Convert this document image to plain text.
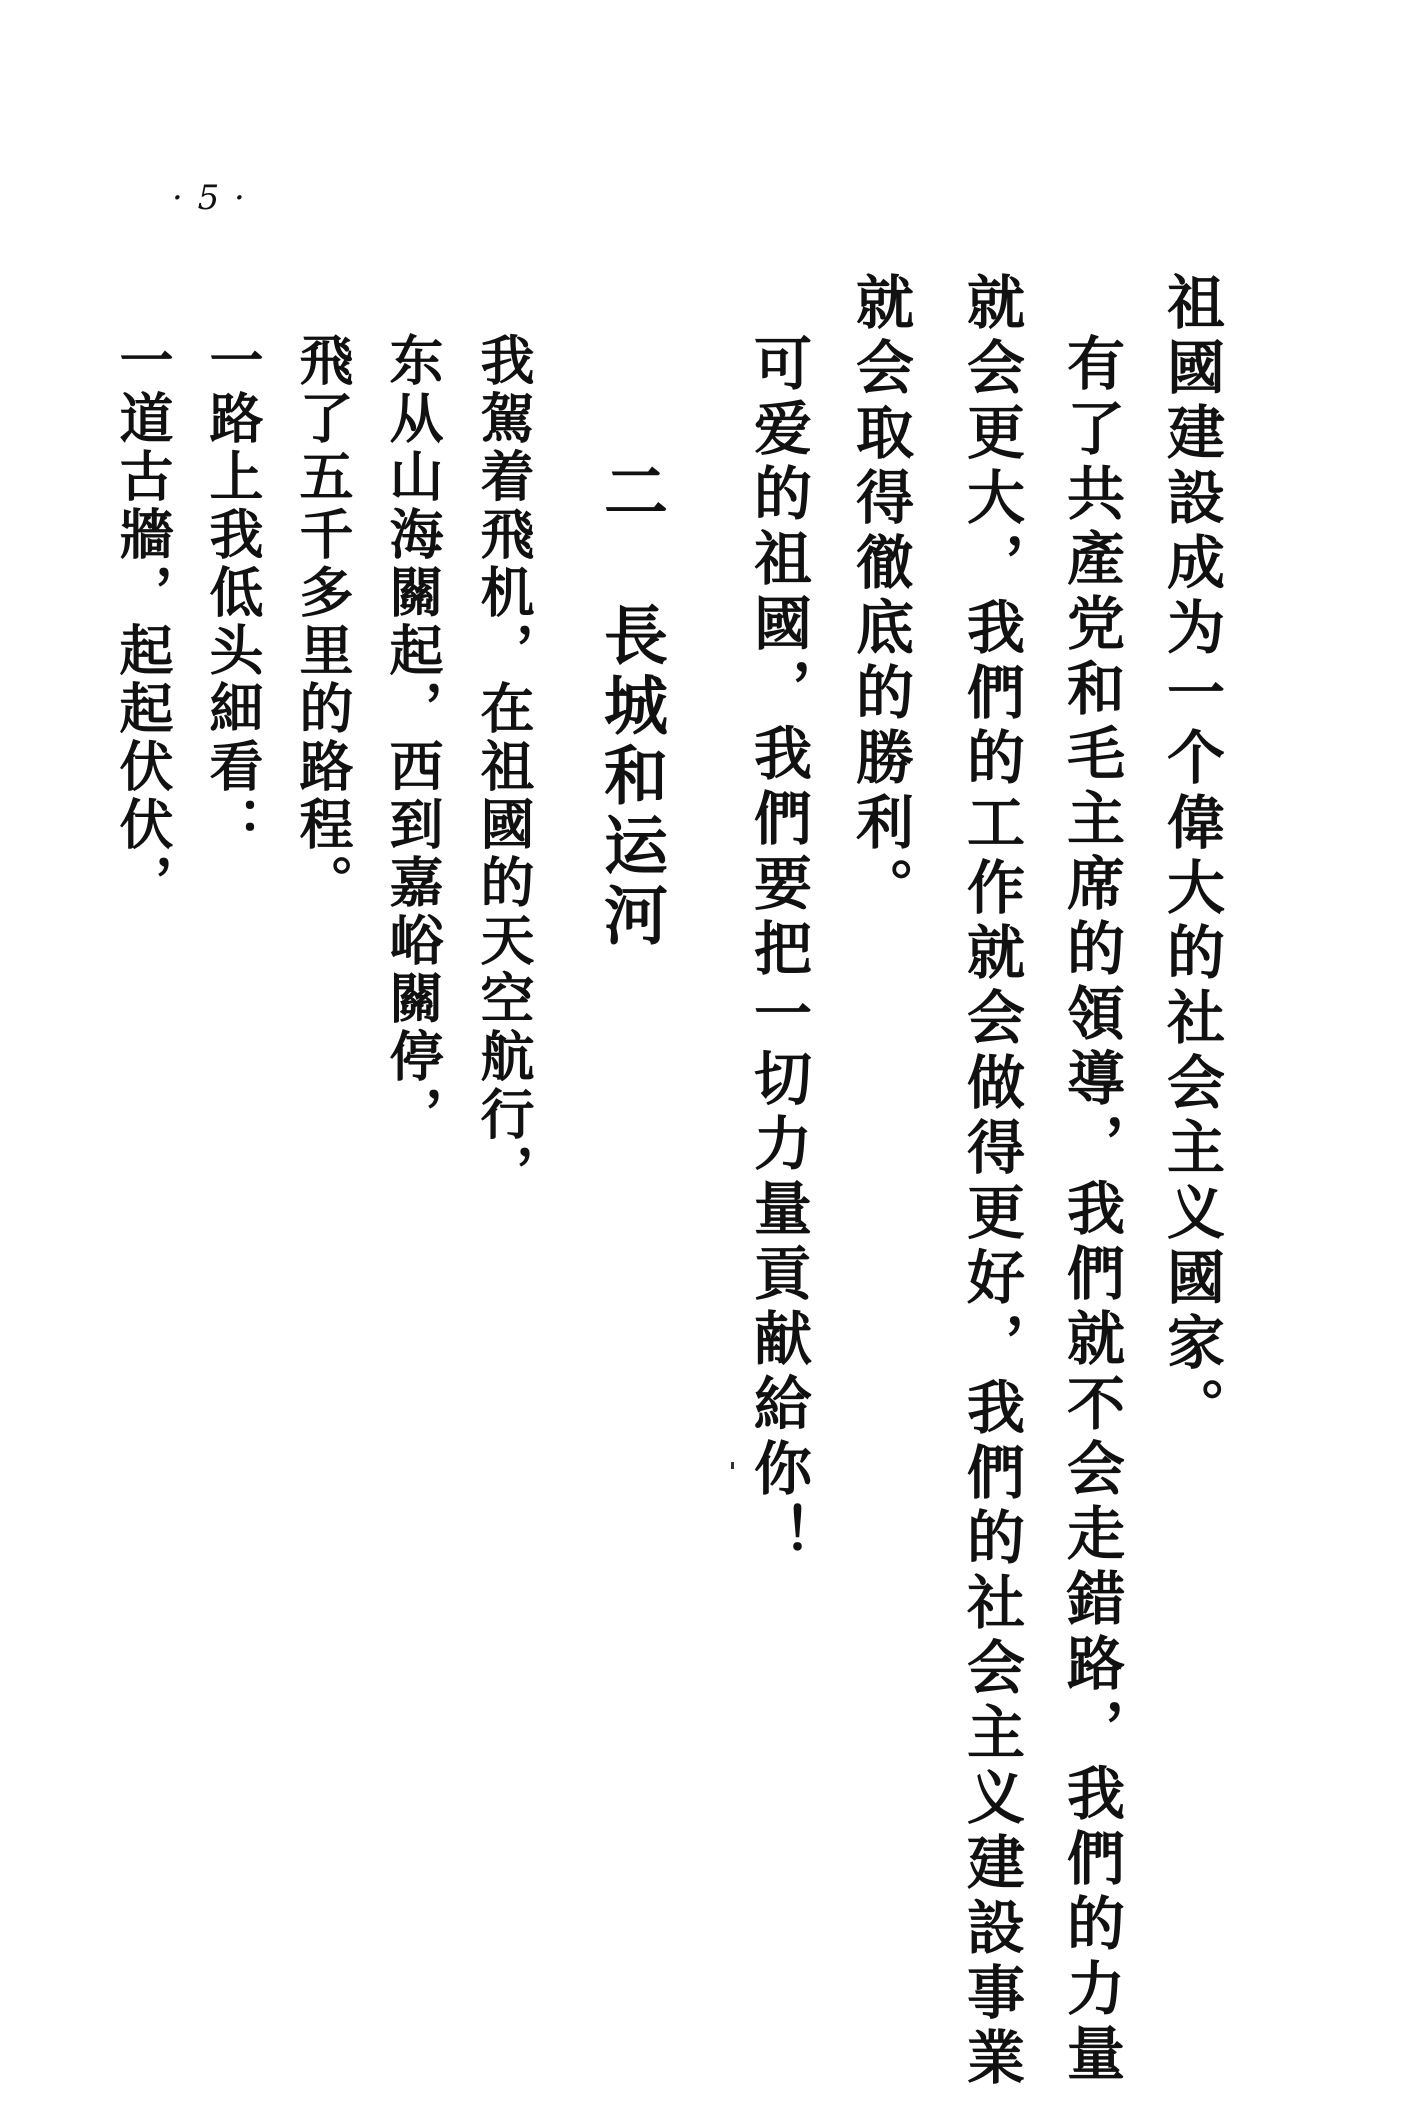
· 5 ·
祖國建設成为一个偉大的社会主义國家。
有了共產党和毛主席的領導，我們就不会走錯路，我們的力量
就会更大，我們的工作就会做得更好，我們的社会主义建設事業
就会取得徹底的勝利。
可爱的祖國，我們要把一切力量貢献給你！
二長城和运河
我駕着飛机，在祖國的天空航行，
东从山海關起，西到嘉峪關停，
飛了五千多里的路程。
一路上我低头細看：
一道古牆，起起伏伏，
